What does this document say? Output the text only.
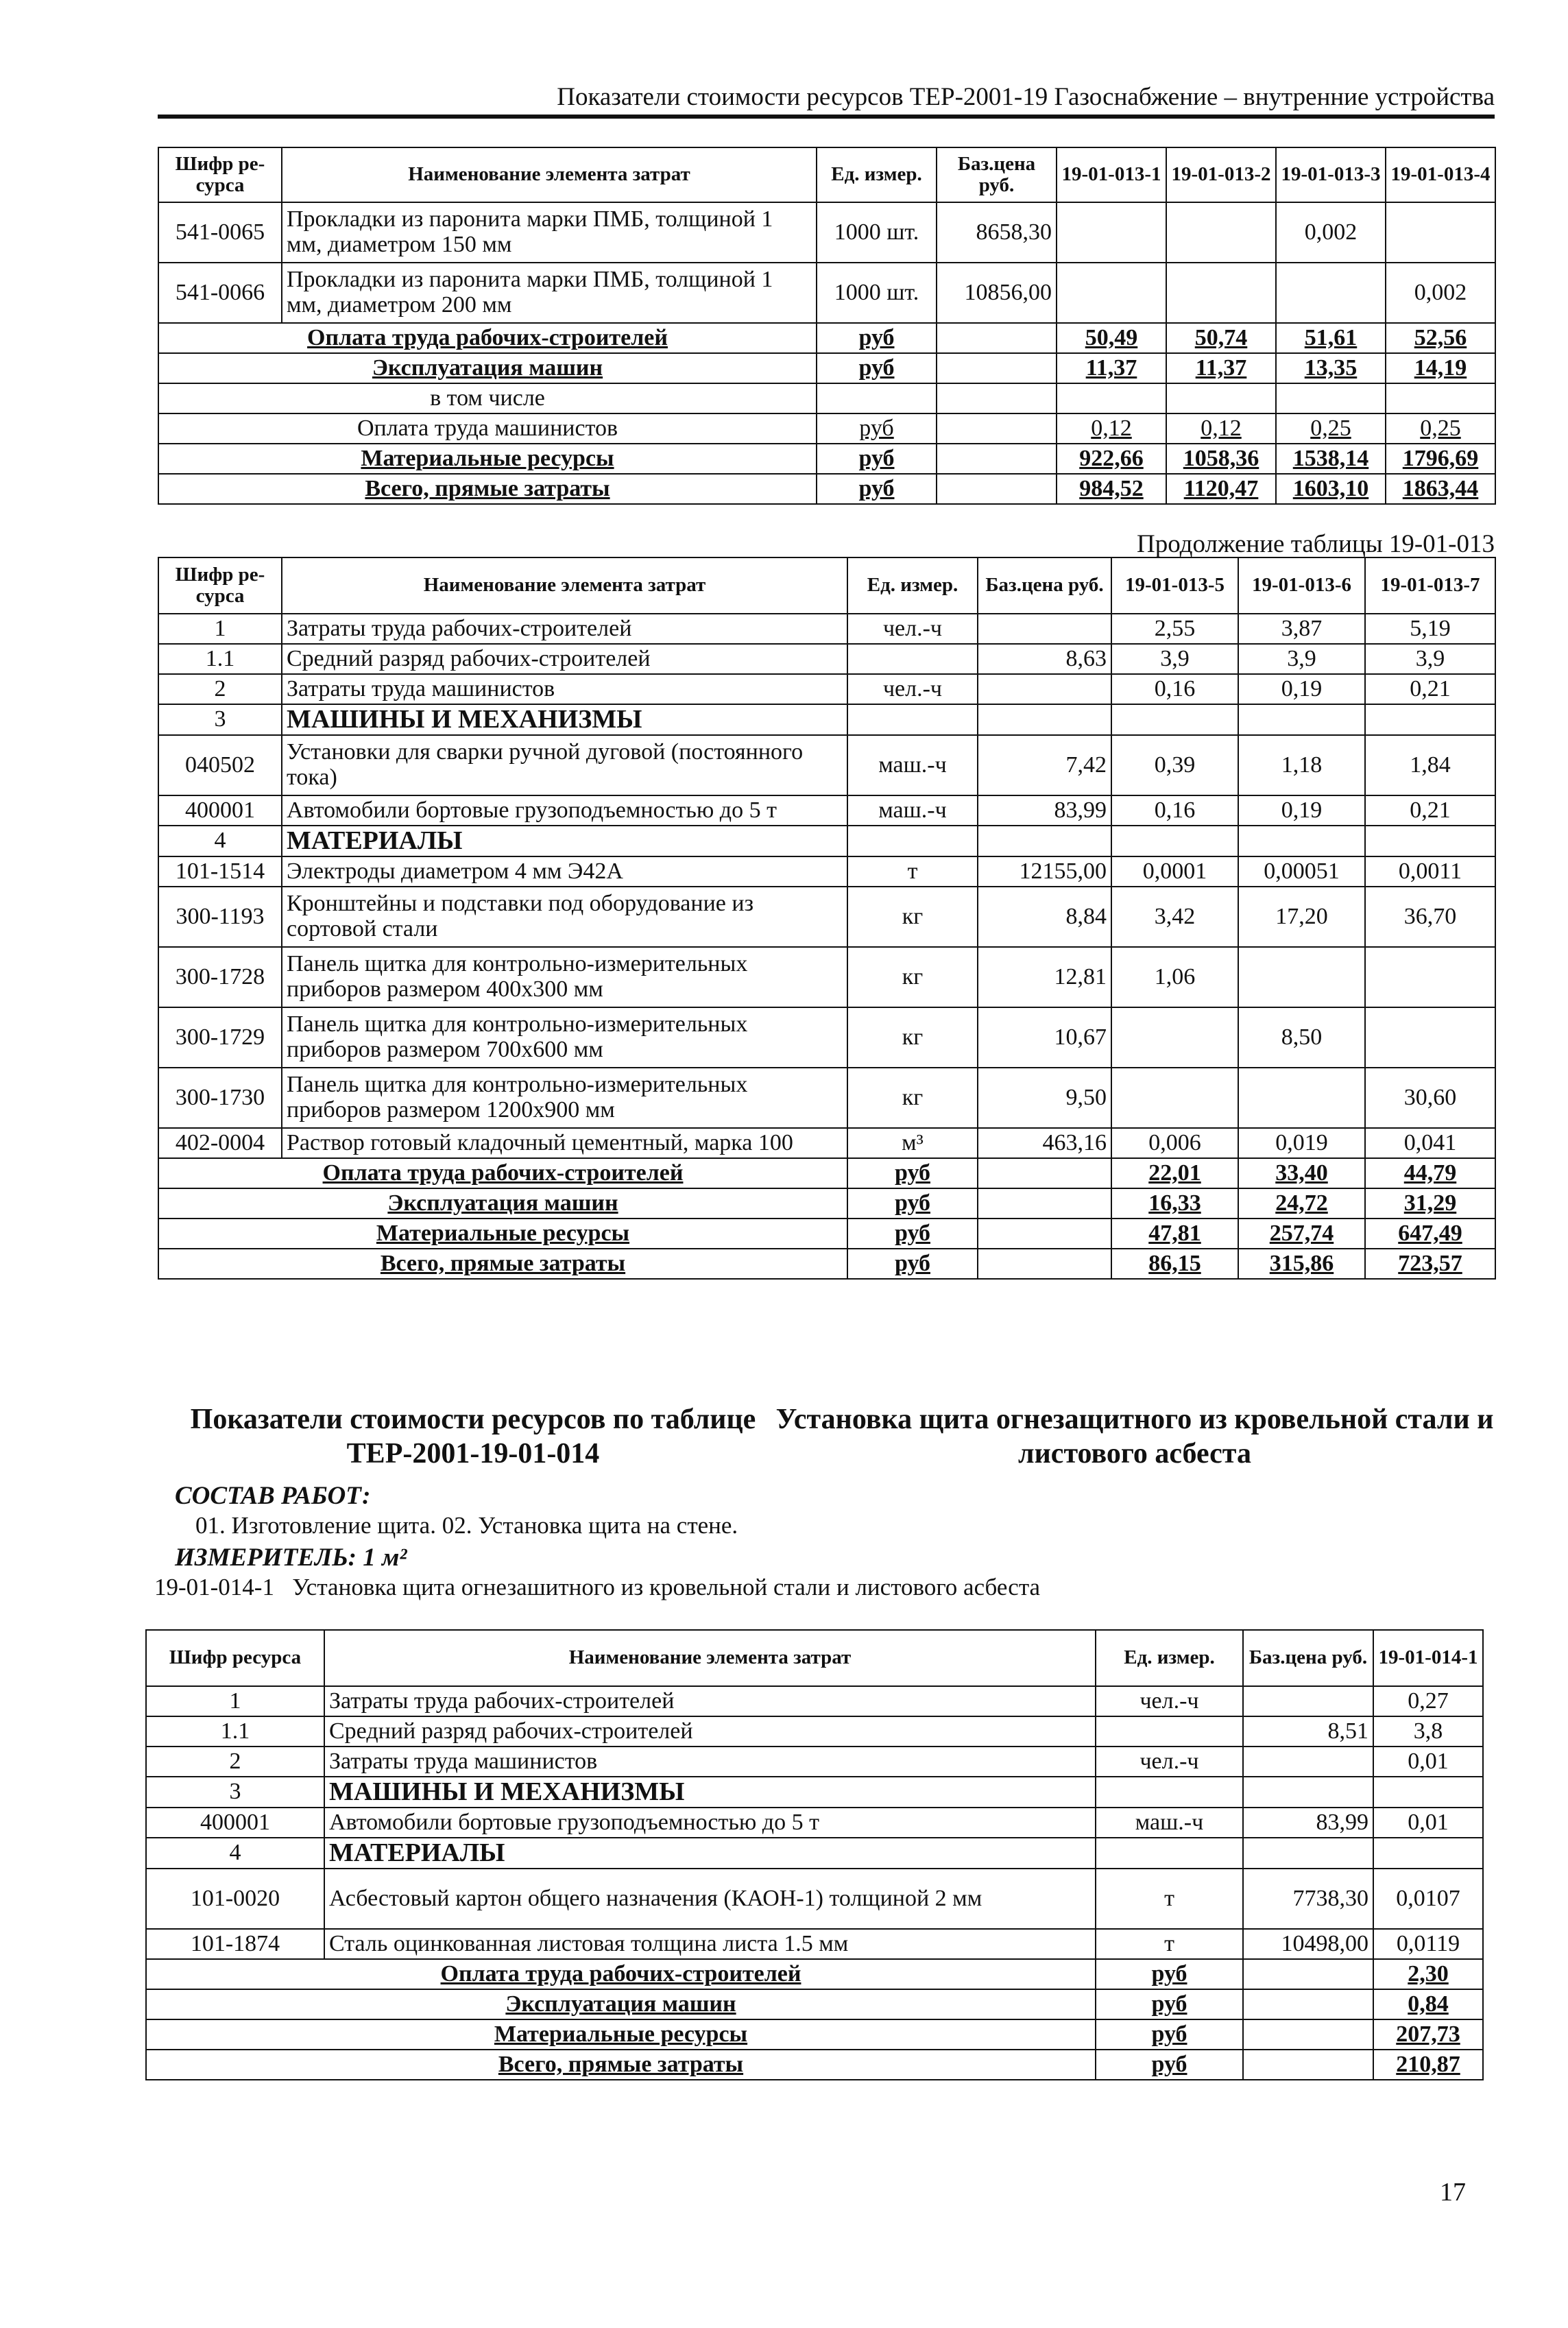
Показатели стоимости ресурсов ТЕР-2001-19 Газоснабжение – внутренние устройства
Шифр ре-сурса	Наименование элемента затрат	Ед. измер.	Баз.цена руб.	19-01-013-1	19-01-013-2	19-01-013-3	19-01-013-4
541-0065	Прокладки из паронита марки ПМБ, толщиной 1 мм, диаметром 150 мм	1000 шт.	8658,30			0,002	
541-0066	Прокладки из паронита марки ПМБ, толщиной 1 мм, диаметром 200 мм	1000 шт.	10856,00				0,002
Оплата труда рабочих-строителей		руб		50,49	50,74	51,61	52,56
Эксплуатация машин		руб		11,37	11,37	13,35	14,19
в том числе							
Оплата труда машинистов		руб		0,12	0,12	0,25	0,25
Материальные ресурсы		руб		922,66	1058,36	1538,14	1796,69
Всего, прямые затраты		руб		984,52	1120,47	1603,10	1863,44
Продолжение таблицы 19-01-013
Шифр ре-сурса	Наименование элемента затрат	Ед. измер.	Баз.цена руб.	19-01-013-5	19-01-013-6	19-01-013-7
1	Затраты труда рабочих-строителей	чел.-ч		2,55	3,87	5,19
1.1	Средний разряд рабочих-строителей		8,63	3,9	3,9	3,9
2	Затраты труда машинистов	чел.-ч		0,16	0,19	0,21
3	МАШИНЫ И МЕХАНИЗМЫ					
040502	Установки для сварки ручной дуговой (постоянного тока)	маш.-ч	7,42	0,39	1,18	1,84
400001	Автомобили бортовые грузоподъемностью до 5 т	маш.-ч	83,99	0,16	0,19	0,21
4	МАТЕРИАЛЫ					
101-1514	Электроды диаметром 4 мм Э42А	т	12155,00	0,0001	0,00051	0,0011
300-1193	Кронштейны и подставки под оборудование из сортовой стали	кг	8,84	3,42	17,20	36,70
300-1728	Панель щитка для контрольно-измерительных приборов размером 400х300 мм	кг	12,81	1,06		
300-1729	Панель щитка для контрольно-измерительных приборов размером 700х600 мм	кг	10,67		8,50	
300-1730	Панель щитка для контрольно-измерительных приборов размером 1200х900 мм	кг	9,50			30,60
402-0004	Раствор готовый кладочный цементный, марка 100	м³	463,16	0,006	0,019	0,041
Оплата труда рабочих-строителей		руб		22,01	33,40	44,79
Эксплуатация машин		руб		16,33	24,72	31,29
Материальные ресурсы		руб		47,81	257,74	647,49
Всего, прямые затраты		руб		86,15	315,86	723,57
Показатели стоимости ресурсов по таблице ТЕР-2001-19-01-014
Установка щита огнезащитного из кровельной стали и листового асбеста
СОСТАВ РАБОТ:
01. Изготовление щита. 02. Установка щита на стене.
ИЗМЕРИТЕЛЬ: 1 м²
19-01-014-1   Установка щита огнезашитного из кровельной стали и листового асбеста
Шифр ресурса	Наименование элемента затрат	Ед. измер.	Баз.цена руб.	19-01-014-1
1	Затраты труда рабочих-строителей	чел.-ч		0,27
1.1	Средний разряд рабочих-строителей		8,51	3,8
2	Затраты труда машинистов	чел.-ч		0,01
3	МАШИНЫ И МЕХАНИЗМЫ			
400001	Автомобили бортовые грузоподъемностью до 5 т	маш.-ч	83,99	0,01
4	МАТЕРИАЛЫ			
101-0020	Асбестовый картон общего назначения (КАОН-1) толщиной 2 мм	т	7738,30	0,0107
101-1874	Сталь оцинкованная листовая толщина листа 1.5 мм	т	10498,00	0,0119
Оплата труда рабочих-строителей		руб		2,30
Эксплуатация машин		руб		0,84
Материальные ресурсы		руб		207,73
Всего, прямые затраты		руб		210,87
17
